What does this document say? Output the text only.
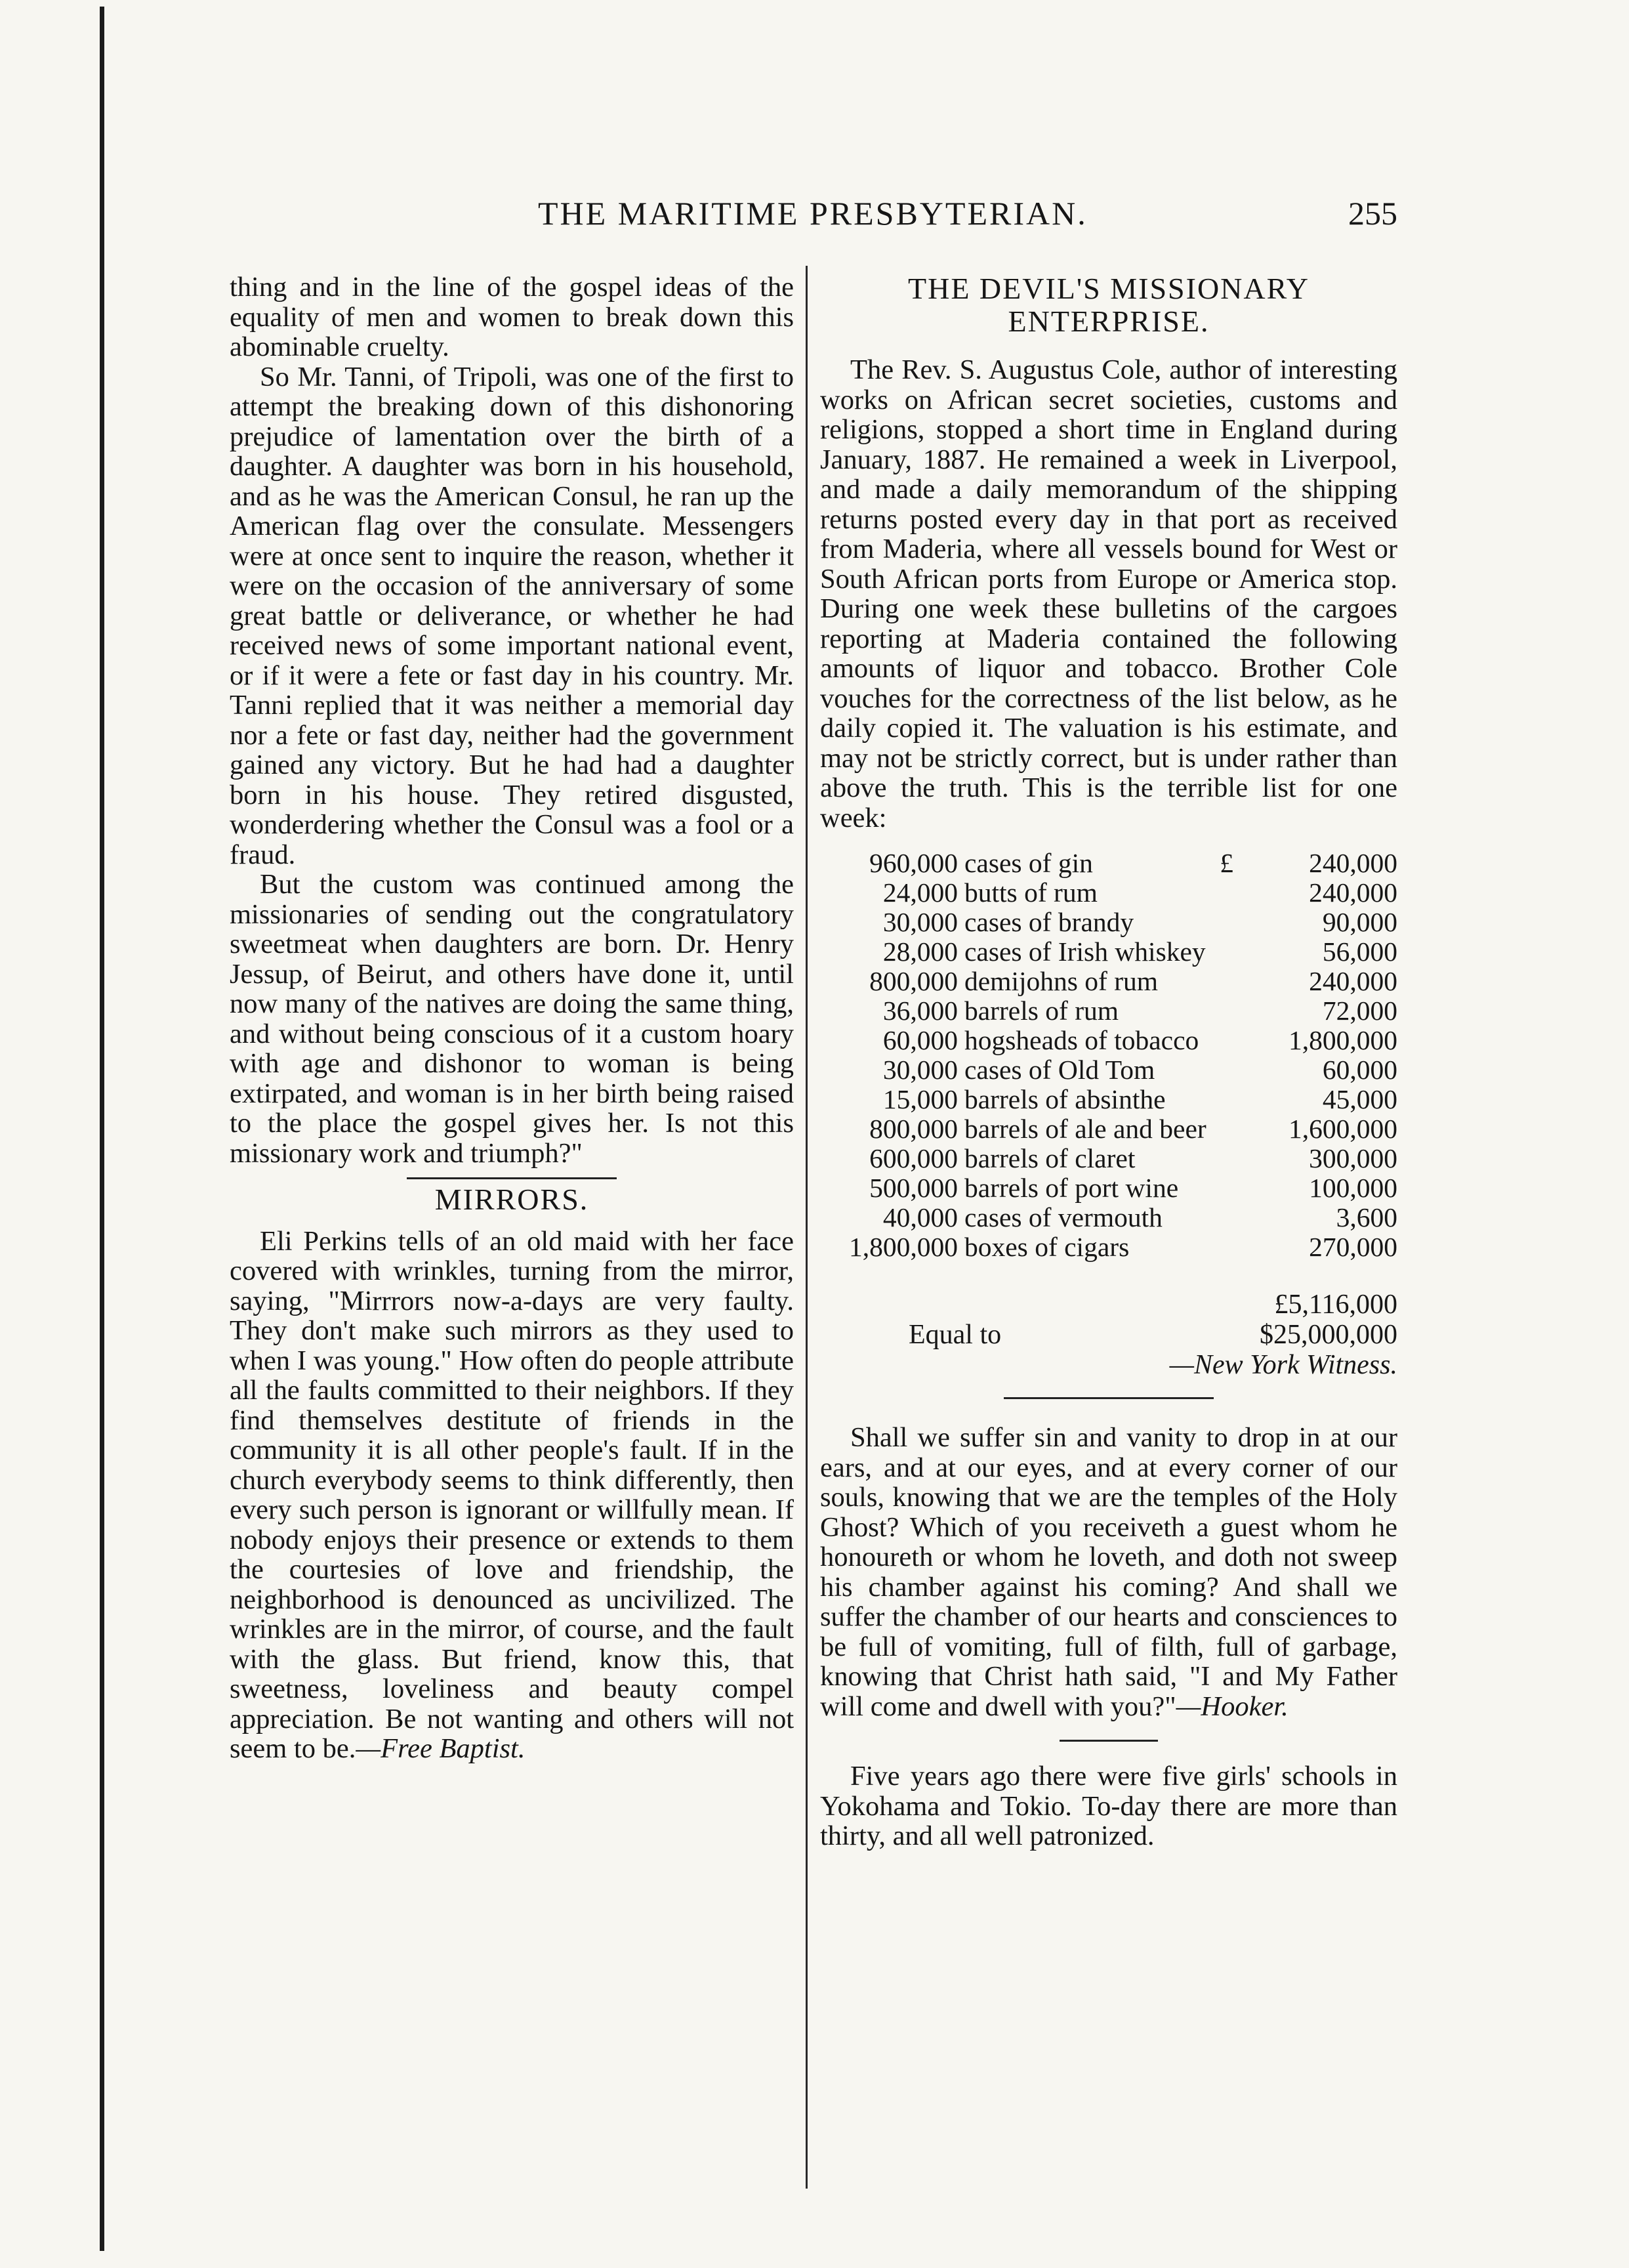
THE MARITIME PRESBYTERIAN.	255

thing and in the line of the gospel ideas of the equality of men and women to break down this abominable cruelty.

So Mr. Tanni, of Tripoli, was one of the first to attempt the breaking down of this dishonoring prejudice of lamentation over the birth of a daughter. A daughter was born in his household, and as he was the American Consul, he ran up the American flag over the consulate. Messengers were at once sent to inquire the reason, whether it were on the occasion of the anniversary of some great battle or deliverance, or whether he had received news of some important national event, or if it were a fete or fast day in his country. Mr. Tanni replied that it was neither a memorial day nor a fete or fast day, neither had the government gained any victory. But he had had a daughter born in his house. They retired disgusted, wonderdering whether the Consul was a fool or a fraud.

But the custom was continued among the missionaries of sending out the congratulatory sweetmeat when daughters are born. Dr. Henry Jessup, of Beirut, and others have done it, until now many of the natives are doing the same thing, and without being conscious of it a custom hoary with age and dishonor to woman is being extirpated, and woman is in her birth being raised to the place the gospel gives her. Is not this missionary work and triumph?"

MIRRORS.

Eli Perkins tells of an old maid with her face covered with wrinkles, turning from the mirror, saying, "Mirrrors now-a-days are very faulty. They don't make such mirrors as they used to when I was young." How often do people attribute all the faults committed to their neighbors. If they find themselves destitute of friends in the community it is all other people's fault. If in the church everybody seems to think differently, then every such person is ignorant or willfully mean. If nobody enjoys their presence or extends to them the courtesies of love and friendship, the neighborhood is denounced as uncivilized. The wrinkles are in the mirror, of course, and the fault with the glass. But friend, know this, that sweetness, loveliness and beauty compel appreciation. Be not wanting and others will not seem to be.—Free Baptist.

THE DEVIL'S MISSIONARY ENTERPRISE.

The Rev. S. Augustus Cole, author of interesting works on African secret societies, customs and religions, stopped a short time in England during January, 1887. He remained a week in Liverpool, and made a daily memorandum of the shipping returns posted every day in that port as received from Maderia, where all vessels bound for West or South African ports from Europe or America stop. During one week these bulletins of the cargoes reporting at Maderia contained the following amounts of liquor and tobacco. Brother Cole vouches for the correctness of the list below, as he daily copied it. The valuation is his estimate, and may not be strictly correct, but is under rather than above the truth. This is the terrible list for one week:

960,000	cases of gin	£	240,000
24,000	butts of rum		240,000
30,000	cases of brandy		90,000
28,000	cases of Irish whiskey		56,000
800,000	demijohns of rum		240,000
36,000	barrels of rum		72,000
60,000	hogsheads of tobacco		1,800,000
30,000	cases of Old Tom		60,000
15,000	barrels of absinthe		45,000
800,000	barrels of ale and beer		1,600,000
600,000	barrels of claret		300,000
500,000	barrels of port wine		100,000
40,000	cases of vermouth		3,600
1,800,000	boxes of cigars		270,000
£5,116,000
Equal to	$25,000,000
—New York Witness.

Shall we suffer sin and vanity to drop in at our ears, and at our eyes, and at every corner of our souls, knowing that we are the temples of the Holy Ghost? Which of you receiveth a guest whom he honoureth or whom he loveth, and doth not sweep his chamber against his coming? And shall we suffer the chamber of our hearts and consciences to be full of vomiting, full of filth, full of garbage, knowing that Christ hath said, "I and My Father will come and dwell with you?"—Hooker.

Five years ago there were five girls' schools in Yokohama and Tokio. To-day there are more than thirty, and all well patronized.
